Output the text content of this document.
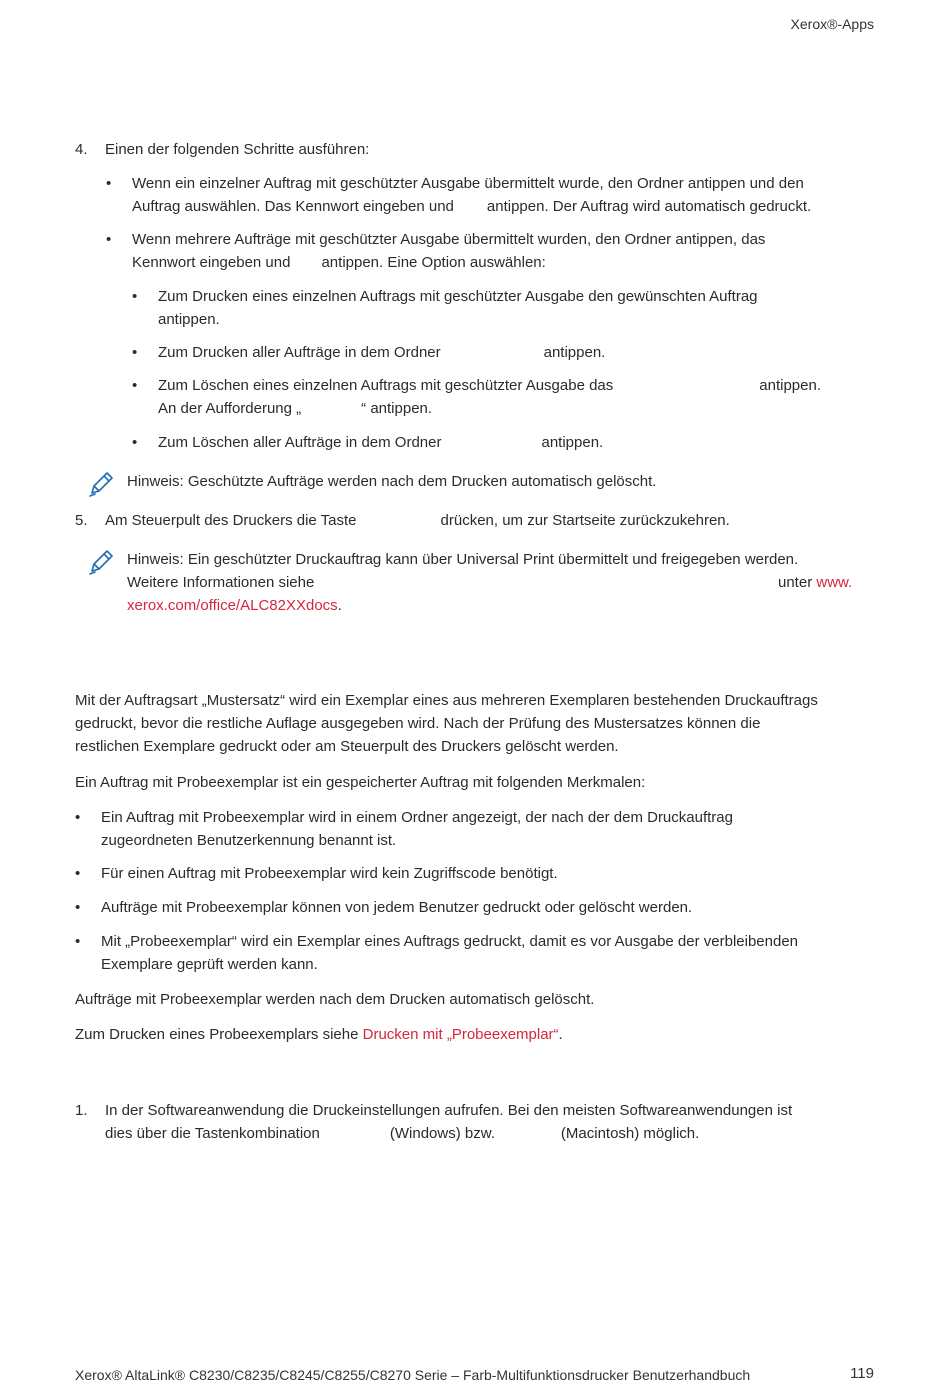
Xerox®-Apps
4.	Einen der folgenden Schritte ausführen:
• Wenn ein einzelner Auftrag mit geschützter Ausgabe übermittelt wurde, den Ordner antippen und den
Auftrag auswählen. Das Kennwort eingeben und antippen. Der Auftrag wird automatisch gedruckt.
• Wenn mehrere Aufträge mit geschützter Ausgabe übermittelt wurden, den Ordner antippen, das
Kennwort eingeben und antippen. Eine Option auswählen:
• Zum Drucken eines einzelnen Auftrags mit geschützter Ausgabe den gewünschten Auftrag
antippen.
• Zum Drucken aller Aufträge in dem Ordner	antippen.
• Zum Löschen eines einzelnen Auftrags mit geschützter Ausgabe das	antippen.
An der Aufforderung „	“ antippen.
• Zum Löschen aller Aufträge in dem Ordner	antippen.
Hinweis: Geschützte Aufträge werden nach dem Drucken automatisch gelöscht.
5.	Am Steuerpult des Druckers die Taste	drücken, um zur Startseite zurückzukehren.
Hinweis: Ein geschützter Druckauftrag kann über Universal Print übermittelt und freigegeben werden.
Weitere Informationen siehe	unter www.
xerox.com/office/ALC82XXdocs.
Mit der Auftragsart „Mustersatz“ wird ein Exemplar eines aus mehreren Exemplaren bestehenden Druckauftrags
gedruckt, bevor die restliche Auflage ausgegeben wird. Nach der Prüfung des Mustersatzes können die
restlichen Exemplare gedruckt oder am Steuerpult des Druckers gelöscht werden.
Ein Auftrag mit Probeexemplar ist ein gespeicherter Auftrag mit folgenden Merkmalen:
• Ein Auftrag mit Probeexemplar wird in einem Ordner angezeigt, der nach der dem Druckauftrag
zugeordneten Benutzerkennung benannt ist.
• Für einen Auftrag mit Probeexemplar wird kein Zugriffscode benötigt.
• Aufträge mit Probeexemplar können von jedem Benutzer gedruckt oder gelöscht werden.
• Mit „Probeexemplar“ wird ein Exemplar eines Auftrags gedruckt, damit es vor Ausgabe der verbleibenden
Exemplare geprüft werden kann.
Aufträge mit Probeexemplar werden nach dem Drucken automatisch gelöscht.
Zum Drucken eines Probeexemplars siehe Drucken mit „Probeexemplar“.
1.	In der Softwareanwendung die Druckeinstellungen aufrufen. Bei den meisten Softwareanwendungen ist
dies über die Tastenkombination	(Windows) bzw.	(Macintosh) möglich.
Xerox® AltaLink® C8230/C8235/C8245/C8255/C8270 Serie – Farb-Multifunktionsdrucker Benutzerhandbuch	119
